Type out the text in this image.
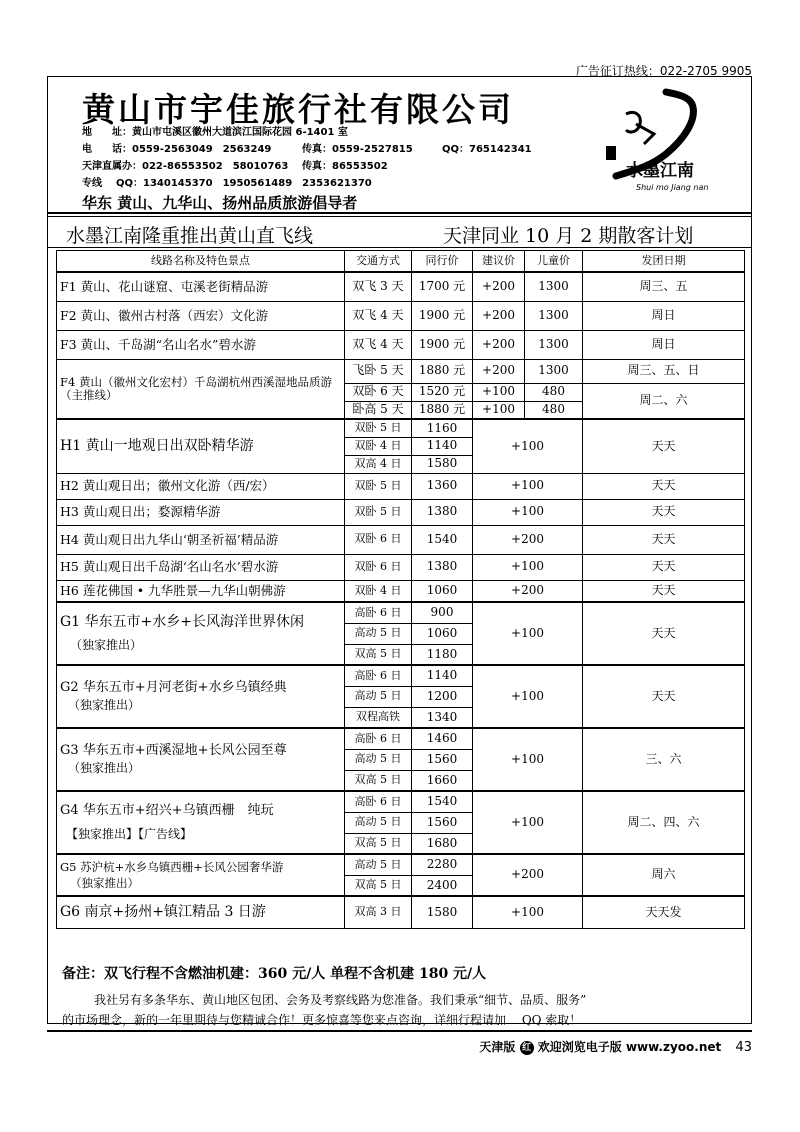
广告征订热线：022-2705 9905
黄山市宇佳旅行社有限公司
地　　址：黄山市屯溪区徽州大道滨江国际花园 6-1401 室
电　　话：0559-2563049　2563249	传真：0559-2527815	QQ：765142341
天津直属办：022-86553502　58010763 传真：86553502
专线 QQ：1340145370　1950561489　2353621370
华东 黄山、九华山、扬州品质旅游倡导者
水墨江南
Shui mo Jiang nan
水墨江南隆重推出黄山直飞线	天津同业 10 月 2 期散客计划
线路名称及特色景点	交通方式	同行价	建议价	儿童价	发团日期
F1 黄山、花山谜窟、屯溪老街精品游	双飞 3 天	1700 元	+200	1300	周三、五
F2 黄山、徽州古村落（西宏）文化游	双飞 4 天	1900 元	+200	1300	周日
F3 黄山、千岛湖“名山名水”碧水游	双飞 4 天	1900 元	+200	1300	周日
F4 黄山（徽州文化宏村）千岛湖杭州西溪湿地品质游（主推线）	飞卧 5 天	1880 元	+200	1300	周三、五、日
	双卧 6 天	1520 元	+100	480	周二、六
	卧高 5 天	1880 元	+100	480	
H1 黄山一地观日出双卧精华游	双卧 5 日	1160	+100		天天
	双卧 4 日	1140			
	双高 4 日	1580			
H2 黄山观日出；徽州文化游（西/宏）	双卧 5 日	1360	+100		天天
H3 黄山观日出；婺源精华游	双卧 5 日	1380	+100		天天
H4 黄山观日出九华山‘朝圣祈福’精品游	双卧 6 日	1540	+200		天天
H5 黄山观日出千岛湖‘名山名水’碧水游	双卧 6 日	1380	+100		天天
H6 莲花佛国 • 九华胜景—九华山朝佛游	双卧 4 日	1060	+200		天天

G1 华东五市+水乡+长风海洋世界休闲
（独家推出）	高卧 6 日	900	+100		天天
	高动 5 日	1060			
	双高 5 日	1180			

G2 华东五市+月河老街+水乡乌镇经典
（独家推出）	高卧 6 日	1140	+100		天天
	高动 5 日	1200			
	双程高铁	1340			

G3 华东五市+西溪湿地+长风公园至尊
（独家推出）	高卧 6 日	1460	+100		三、六
	高动 5 日	1560			
	双高 5 日	1660			

G4 华东五市+绍兴+乌镇西栅　纯玩
【独家推出】【广告线】	高卧 6 日	1540	+100		周二、四、六
	高动 5 日	1560			
	双高 5 日	1680			

G5 苏沪杭+水乡乌镇西栅+长风公园奢华游
（独家推出）	高动 5 日	2280	+200		周六
	双高 5 日	2400			
G6 南京+扬州+镇江精品 3 日游	双高 3 日	1580	+100		天天发
备注：双飞行程不含燃油机建：360 元/人 单程不含机建 180 元/人
我社另有多条华东、黄山地区包团、会务及考察线路为您准备。我们秉承“细节、品质、服务”
的市场理念，新的一年里期待与您精诚合作！更多惊喜等您来点咨询，详细行程请加　 QQ 索取！
天津版 红 欢迎浏览电子版 www.zyoo.net 43
